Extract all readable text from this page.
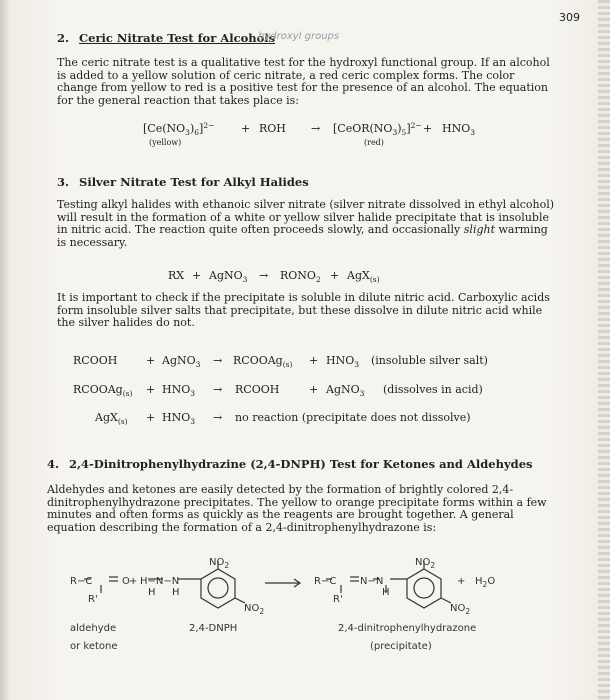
309
2. Ceric Nitrate Test for Alcohols
hydroxyl groups

The ceric nitrate test is a qualitative test for the hydroxyl functional group. If an alcohol is added to a yellow solution of ceric nitrate, a red ceric complex forms. The color change from yellow to red is a positive test for the presence of an alcohol. The equation for the general reaction that takes place is:

$[Ce(NO_3)_6]^{2-}$ + ROH → $[CeOR(NO_3)_5]^{2-} + HNO_3$
(yellow)	(red)
3. Silver Nitrate Test for Alkyl Halides

Testing alkyl halides with ethanoic silver nitrate (silver nitrate dissolved in ethyl alcohol) will result in the formation of a white or yellow silver halide precipitate that is insoluble in nitric acid. The reaction quite often proceeds slowly, and occasionally slight warming is necessary.

RX + AgNO$_3$ → $RONO_2 + AgX_{(s)}$

It is important to check if the precipitate is soluble in dilute nitric acid. Carboxylic acids form insoluble silver salts that precipitate, but these dissolve in dilute nitric acid while the silver halides do not.

RCOOH	+ AgNO$_3$ → RCOOAg$_{(s)}$ + $HNO_3$ (insoluble silver salt)
RCOOAg$_{(s)}$ + $HNO_3$ → RCOOH	+ AgNO$_3$ (dissolves in acid)
$AgX_{(s)} + HNO_3$ → no reaction (precipitate does not dissolve)
4. 2,4-Dinitrophenylhydrazine (2,4-DNPH) Test for Ketones and Aldehydes

Aldehydes and ketones are easily detected by the formation of brightly colored 2,4-dinitrophenylhydrazone precipitates. The yellow to orange precipitate forms within a few minutes and often forms as quickly as the reagents are brought together. A general equation describing the formation of a 2,4-dinitrophenylhydrazone is:

R−C	O + H−N−N
R'
H H
$NO_2$
$NO_2$
R−C N−N
R'
H
$NO_2$
$NO_2$
+ $H_2O$
aldehyde
or ketone
2,4-DNPH	2,4-dinitrophenylhydrazone
(precipitate)
